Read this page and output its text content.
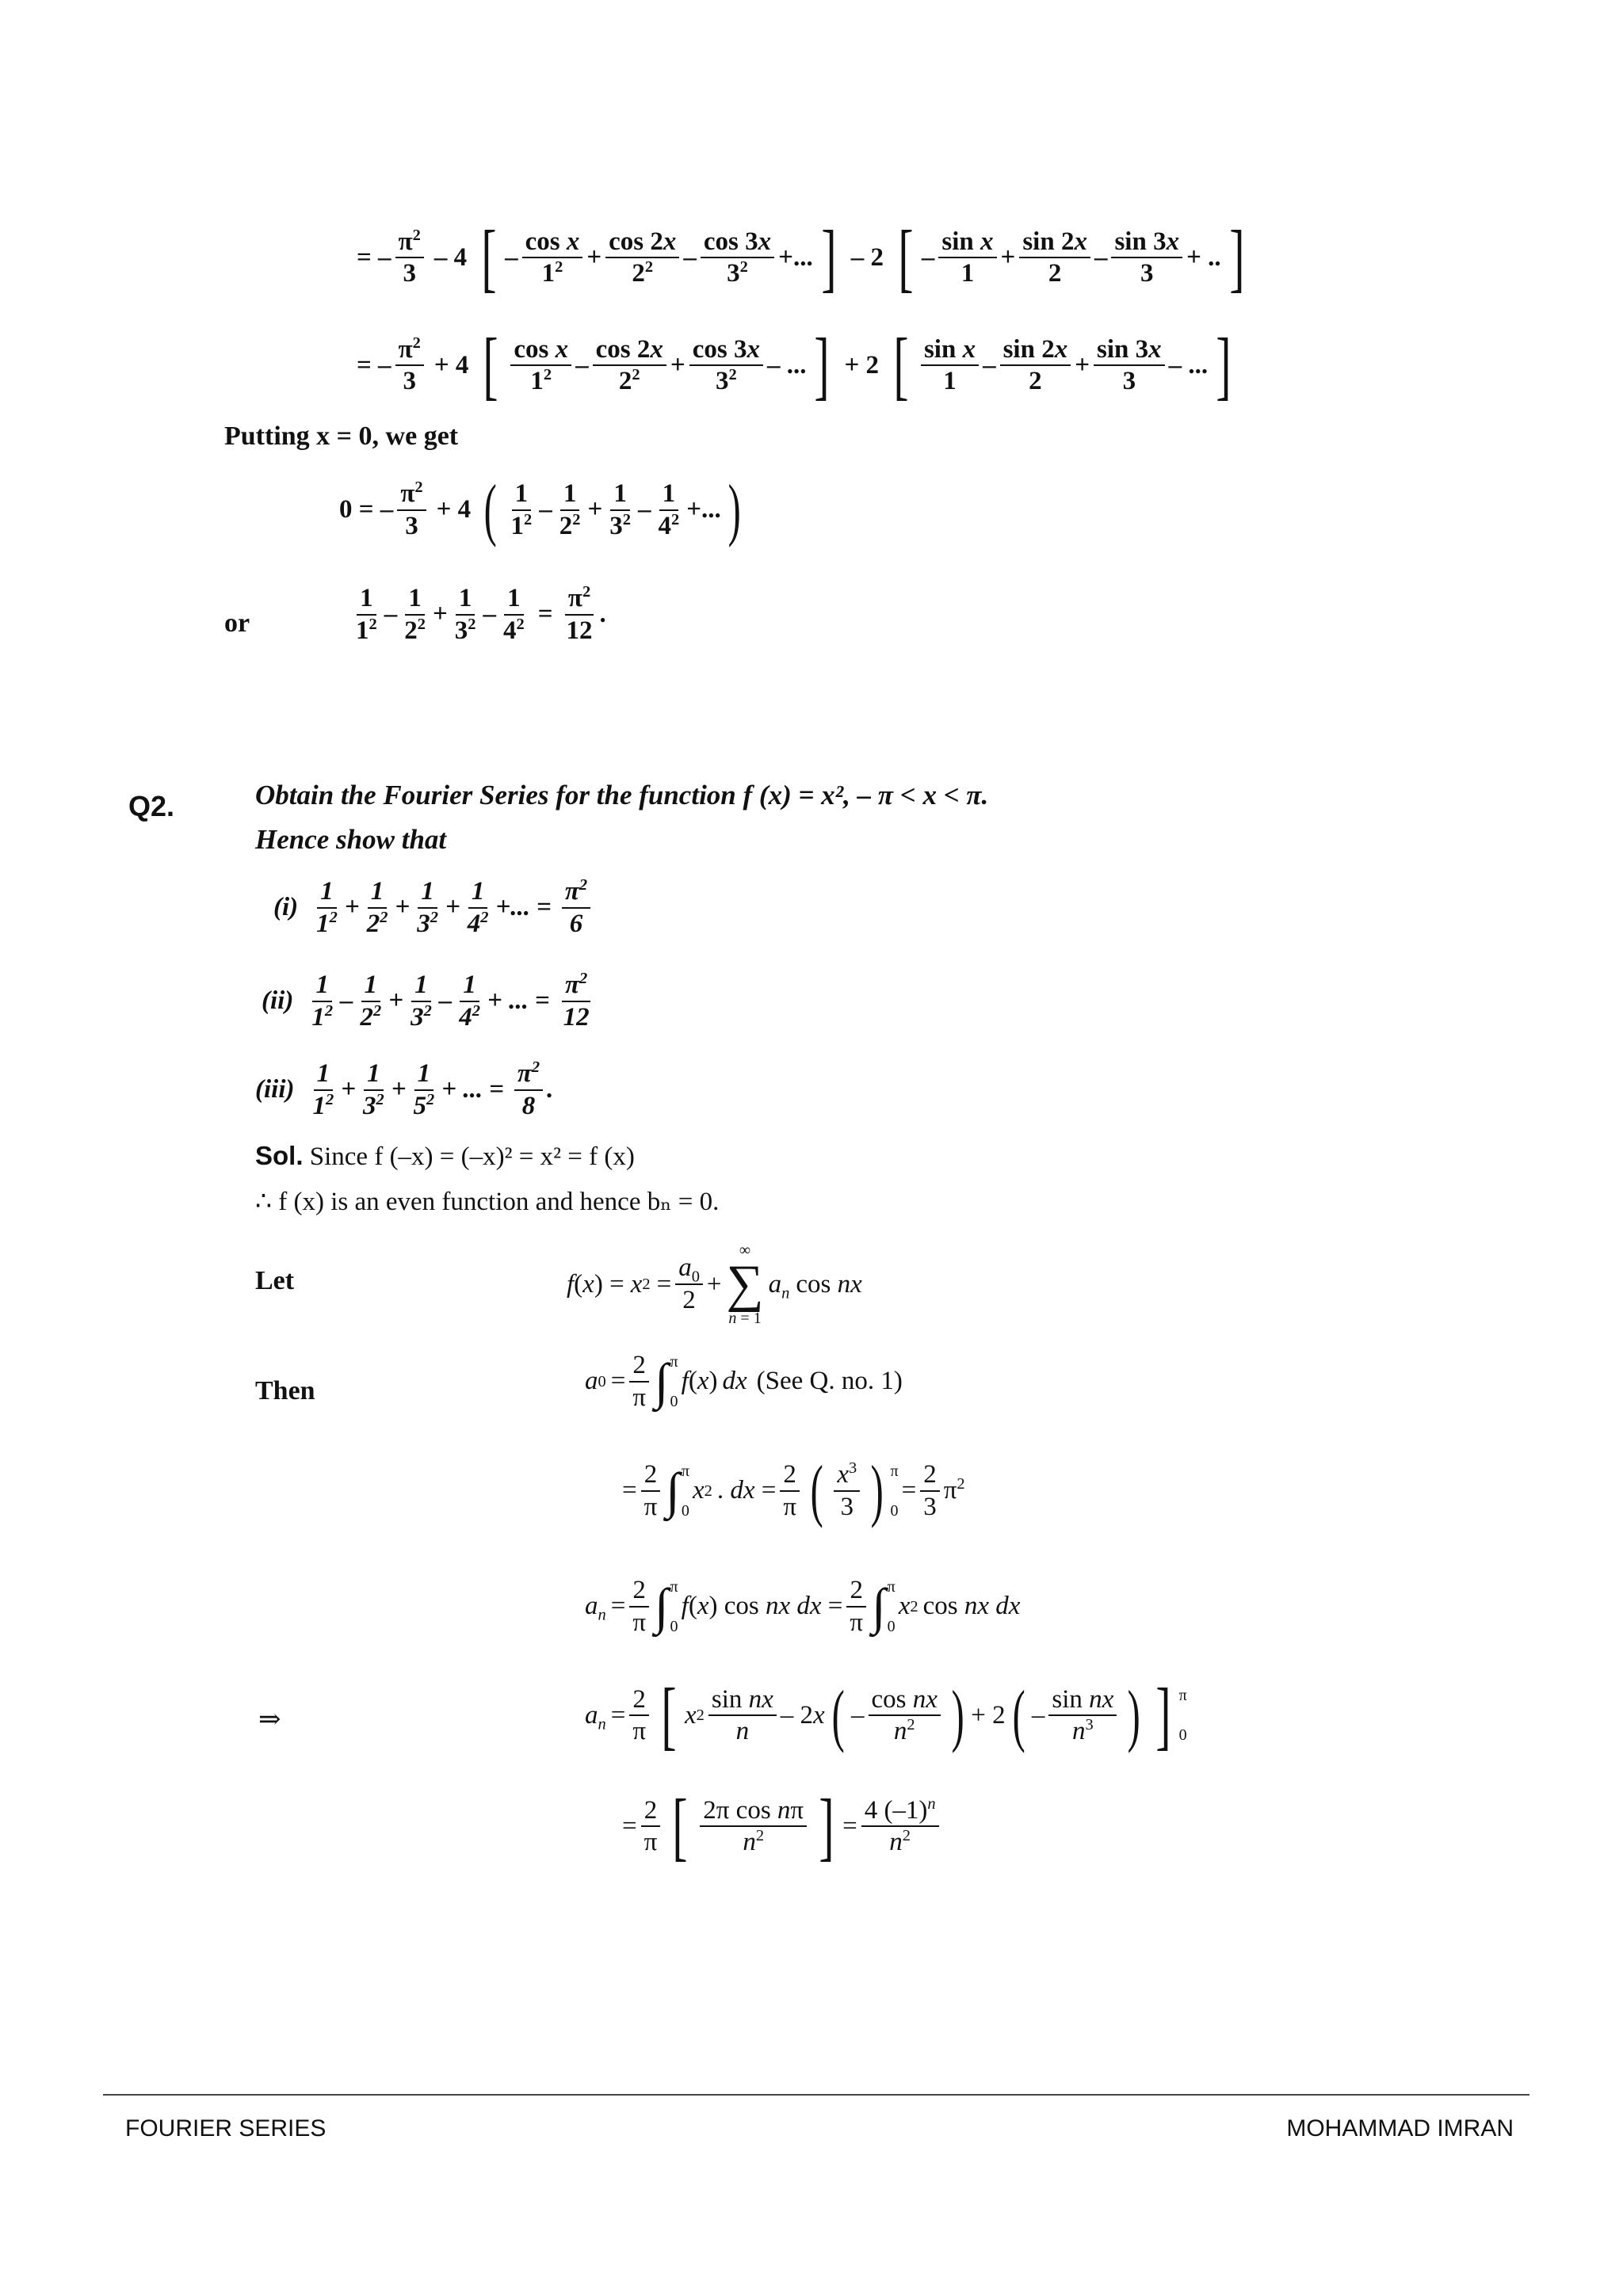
= – $\frac{\pi^2}{3} - 4$ [ – $\frac{\text{cos x}}{1^2} + \frac{\cos 2x}{2^2} - \frac{\cos 3x}{3^2}$ +... ] – 2 [ – $\frac{\text{sin x}}{1} + \frac{\sin 2x}{2} - \frac{\sin 3x}{3}$ + .. ]
= – $\frac{\pi^2}{3} + 4$ [ $\frac{\text{cos x}}{1^2} - \frac{\cos 2x}{2^2} + \frac{\cos 3x}{3^2}$ – ... ] + 2 [ $\frac{\text{sin x}}{1} - \frac{\sin 2x}{2} + \frac{\sin 3x}{3}$ – ... ]
Putting x = 0, we get
0 = – $\frac{\pi^2}{3} + 4$ ( $\frac{1}{1^2} - \frac{1}{2^2} + \frac{1}{3^2} - \frac{1}{4^2}$ +... )
or	$\frac{1}{1^2} - \frac{1}{2^2} + \frac{1}{3^2} - \frac{1}{4^2} = \frac{\pi^2}{12}$ .
Q2.	Obtain the Fourier Series for the function f (x) = x², – π < x < π.
Hence show that
$(i) \frac{1}{1^2} + \frac{1}{2^2} + \frac{1}{3^2} + \frac{1}{4^2}$ +... = $\frac{\pi^2}{6}$
$(ii) \frac{1}{1^2} - \frac{1}{2^2} + \frac{1}{3^2} - \frac{1}{4^2}$ + ... = $\frac{\pi^2}{12}$
$(iii) \frac{1}{1^2} + \frac{1}{3^2} + \frac{1}{5^2}$ + ... = $\frac{\pi^2}{8}$ .
Sol. Since f (–x) = (–x)² = x² = f (x)
∴ f (x) is an even function and hence bₙ = 0.
Let	f ( x ) = x $2 = \frac{a_0}{2}$ +
∞
∑
n = 1
$a_n$ cos nx
Then	a $0 = \frac{2}{\pi}$ ∫ π
0
f (x) dx (See Q. no. 1)
= $\frac{2}{\pi}$ ∫ π
0
x 2 . dx = $\frac{2}{\pi}$ ( $\frac{x^3}{3}$ ) π
0
= $\frac{2}{3} \pi^2$
$a_n = \frac{2}{\pi}$ ∫ π
0
f (x) cos nx dx = $\frac{2}{\pi}$ ∫ π
0
x 2 cos nx dx
⇒	$a_n = \frac{2}{\pi}$ [ x $2 \frac{\text{sin nx}}{n} - 2x$ ( – $\frac{\text{cos nx}}{n^2}$ ) + 2 ( – $\frac{\text{sin nx}}{n^3}$ ) ] π
0
= $\frac{2}{\pi}$ [ $\frac{\text{2π cos nπ}}{n^2}$ ] = $\frac{4 (-1)^n}{n^2}$
FOURIER SERIES	MOHAMMAD IMRAN
